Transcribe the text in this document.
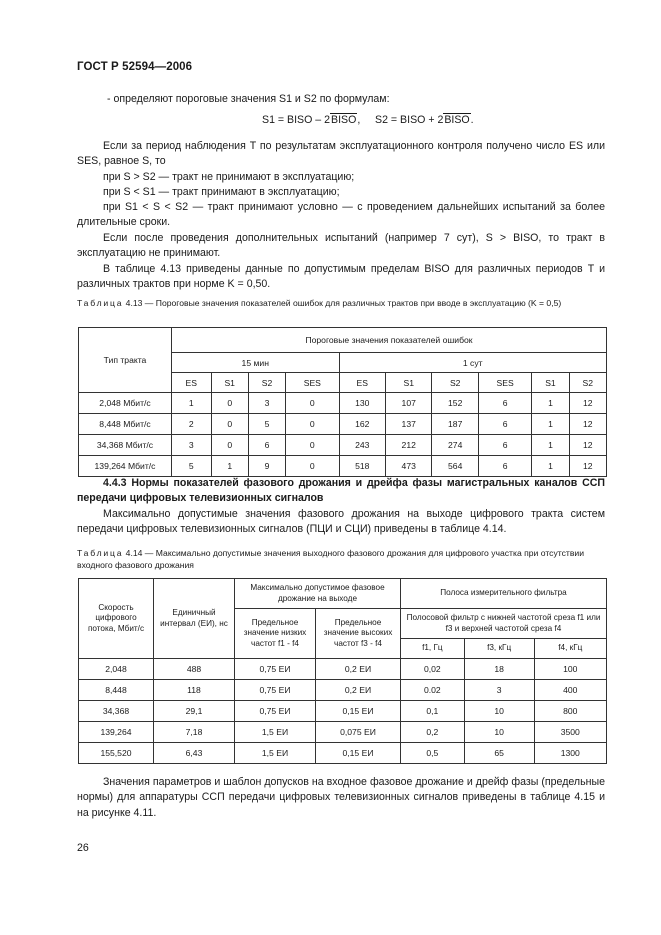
ГОСТ Р 52594—2006
- определяют пороговые значения S1 и S2 по формулам:
S1 = BISO – 2BISO, S2 = BISO + 2BISO.
Если за период наблюдения T по результатам эксплуатационного контроля получено число ES или SES, равное S, то
при S > S2 — тракт не принимают в эксплуатацию;
при S < S1 — тракт принимают в эксплуатацию;
при S1 < S < S2 — тракт принимают условно — с проведением дальнейших испытаний за более длительные сроки.
Если после проведения дополнительных испытаний (например 7 сут), S > BISO, то тракт в эксплуатацию не принимают.
В таблице 4.13 приведены данные по допустимым пределам BISO для различных периодов T и различных трактов при норме K = 0,50.
Таблица 4.13 — Пороговые значения показателей ошибок для различных трактов при вводе в эксплуатацию (K = 0,5)
Тип тракта	Пороговые значения показателей ошибок									
	15 мин				1 сут					
	ES	S1	S2	SES	ES	S1	S2	SES	S1	S2
2,048 Мбит/с	1	0	3	0	130	107	152	6	1	12
8,448 Мбит/с	2	0	5	0	162	137	187	6	1	12
34,368 Мбит/с	3	0	6	0	243	212	274	6	1	12
139,264 Мбит/с	5	1	9	0	518	473	564	6	1	12
4.4.3 Нормы показателей фазового дрожания и дрейфа фазы магистральных каналов ССП передачи цифровых телевизионных сигналов
Максимально допустимые значения фазового дрожания на выходе цифрового тракта систем передачи цифровых телевизионных сигналов (ПЦИ и СЦИ) приведены в таблице 4.14.
Таблица 4.14 — Максимально допустимые значения выходного фазового дрожания для цифрового участка при отсутствии входного фазового дрожания
Скорость цифрового потока, Мбит/с	Единичный интервал (ЕИ), нс	Максимально допустимое фазовое дрожание на выходе		Полоса измерительного фильтра		
		Предельное значение низких частот f1 - f4	Предельное значение высоких частот f3 - f4	Полосовой фильтр с нижней частотой среза f1 или f3 и верхней частотой среза f4		
				f1, Гц	f3, кГц	f4, кГц
2,048	488	0,75 ЕИ	0,2 ЕИ	0,02	18	100
8,448	118	0,75 ЕИ	0,2 ЕИ	0.02	3	400
34,368	29,1	0,75 ЕИ	0,15 ЕИ	0,1	10	800
139,264	7,18	1,5 ЕИ	0,075 ЕИ	0,2	10	3500
155,520	6,43	1,5 ЕИ	0,15 ЕИ	0,5	65	1300
Значения параметров и шаблон допусков на входное фазовое дрожание и дрейф фазы (предельные нормы) для аппаратуры ССП передачи цифровых телевизионных сигналов приведены в таблице 4.15 и на рисунке 4.11.
26
